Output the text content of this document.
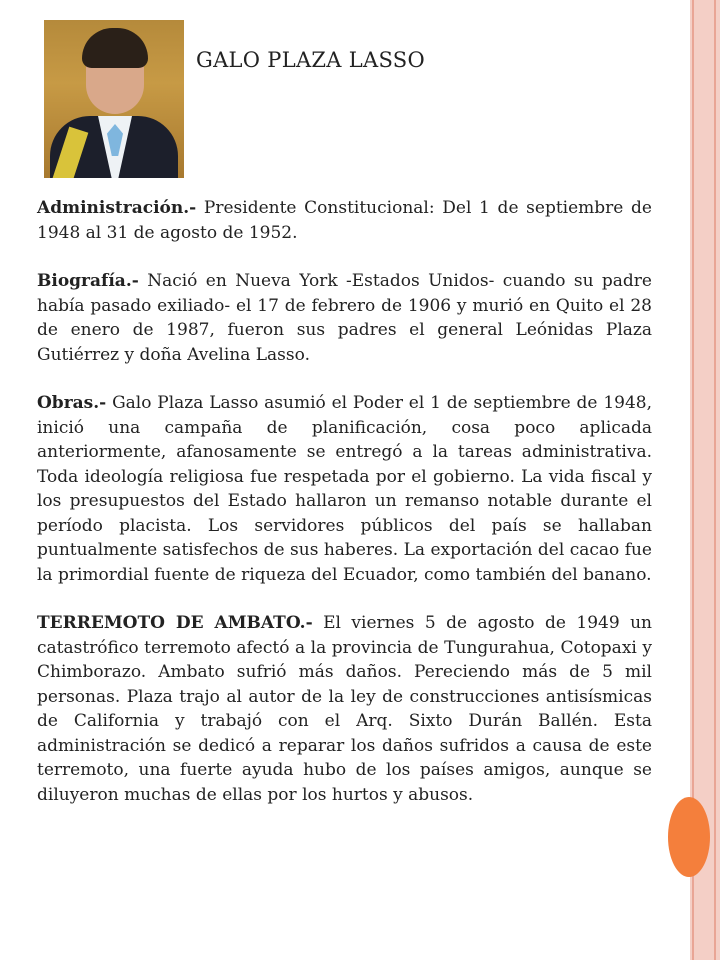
GALO PLAZA LASSO

Administración.- Presidente Constitucional: Del 1 de septiembre de 1948 al 31 de agosto de 1952.

Biografía.- Nació en Nueva York -Estados Unidos- cuando su padre había pasado exiliado- el 17 de febrero de 1906 y murió en Quito el 28 de enero de 1987, fueron sus padres el general Leónidas Plaza Gutiérrez y doña Avelina Lasso.

Obras.- Galo Plaza Lasso asumió el Poder el 1 de septiembre de 1948, inició una campaña de planificación, cosa poco aplicada anteriormente, afanosamente se entregó a la tareas administrativa. Toda ideología religiosa fue respetada por el gobierno. La vida fiscal y los presupuestos del Estado hallaron un remanso notable durante el período placista. Los servidores públicos del país se hallaban puntualmente satisfechos de sus haberes. La exportación del cacao fue la primordial fuente de riqueza del Ecuador, como también del banano.

TERREMOTO DE AMBATO.- El viernes 5 de agosto de 1949 un catastrófico terremoto afectó a la provincia de Tungurahua, Cotopaxi y Chimborazo. Ambato sufrió más daños. Pereciendo más de 5 mil personas. Plaza trajo al autor de la ley de construcciones antisísmicas de California y trabajó con el Arq. Sixto Durán Ballén. Esta administración se dedicó a reparar los daños sufridos a causa de este terremoto, una fuerte ayuda hubo de los países amigos, aunque se diluyeron muchas de ellas por los hurtos y abusos.
